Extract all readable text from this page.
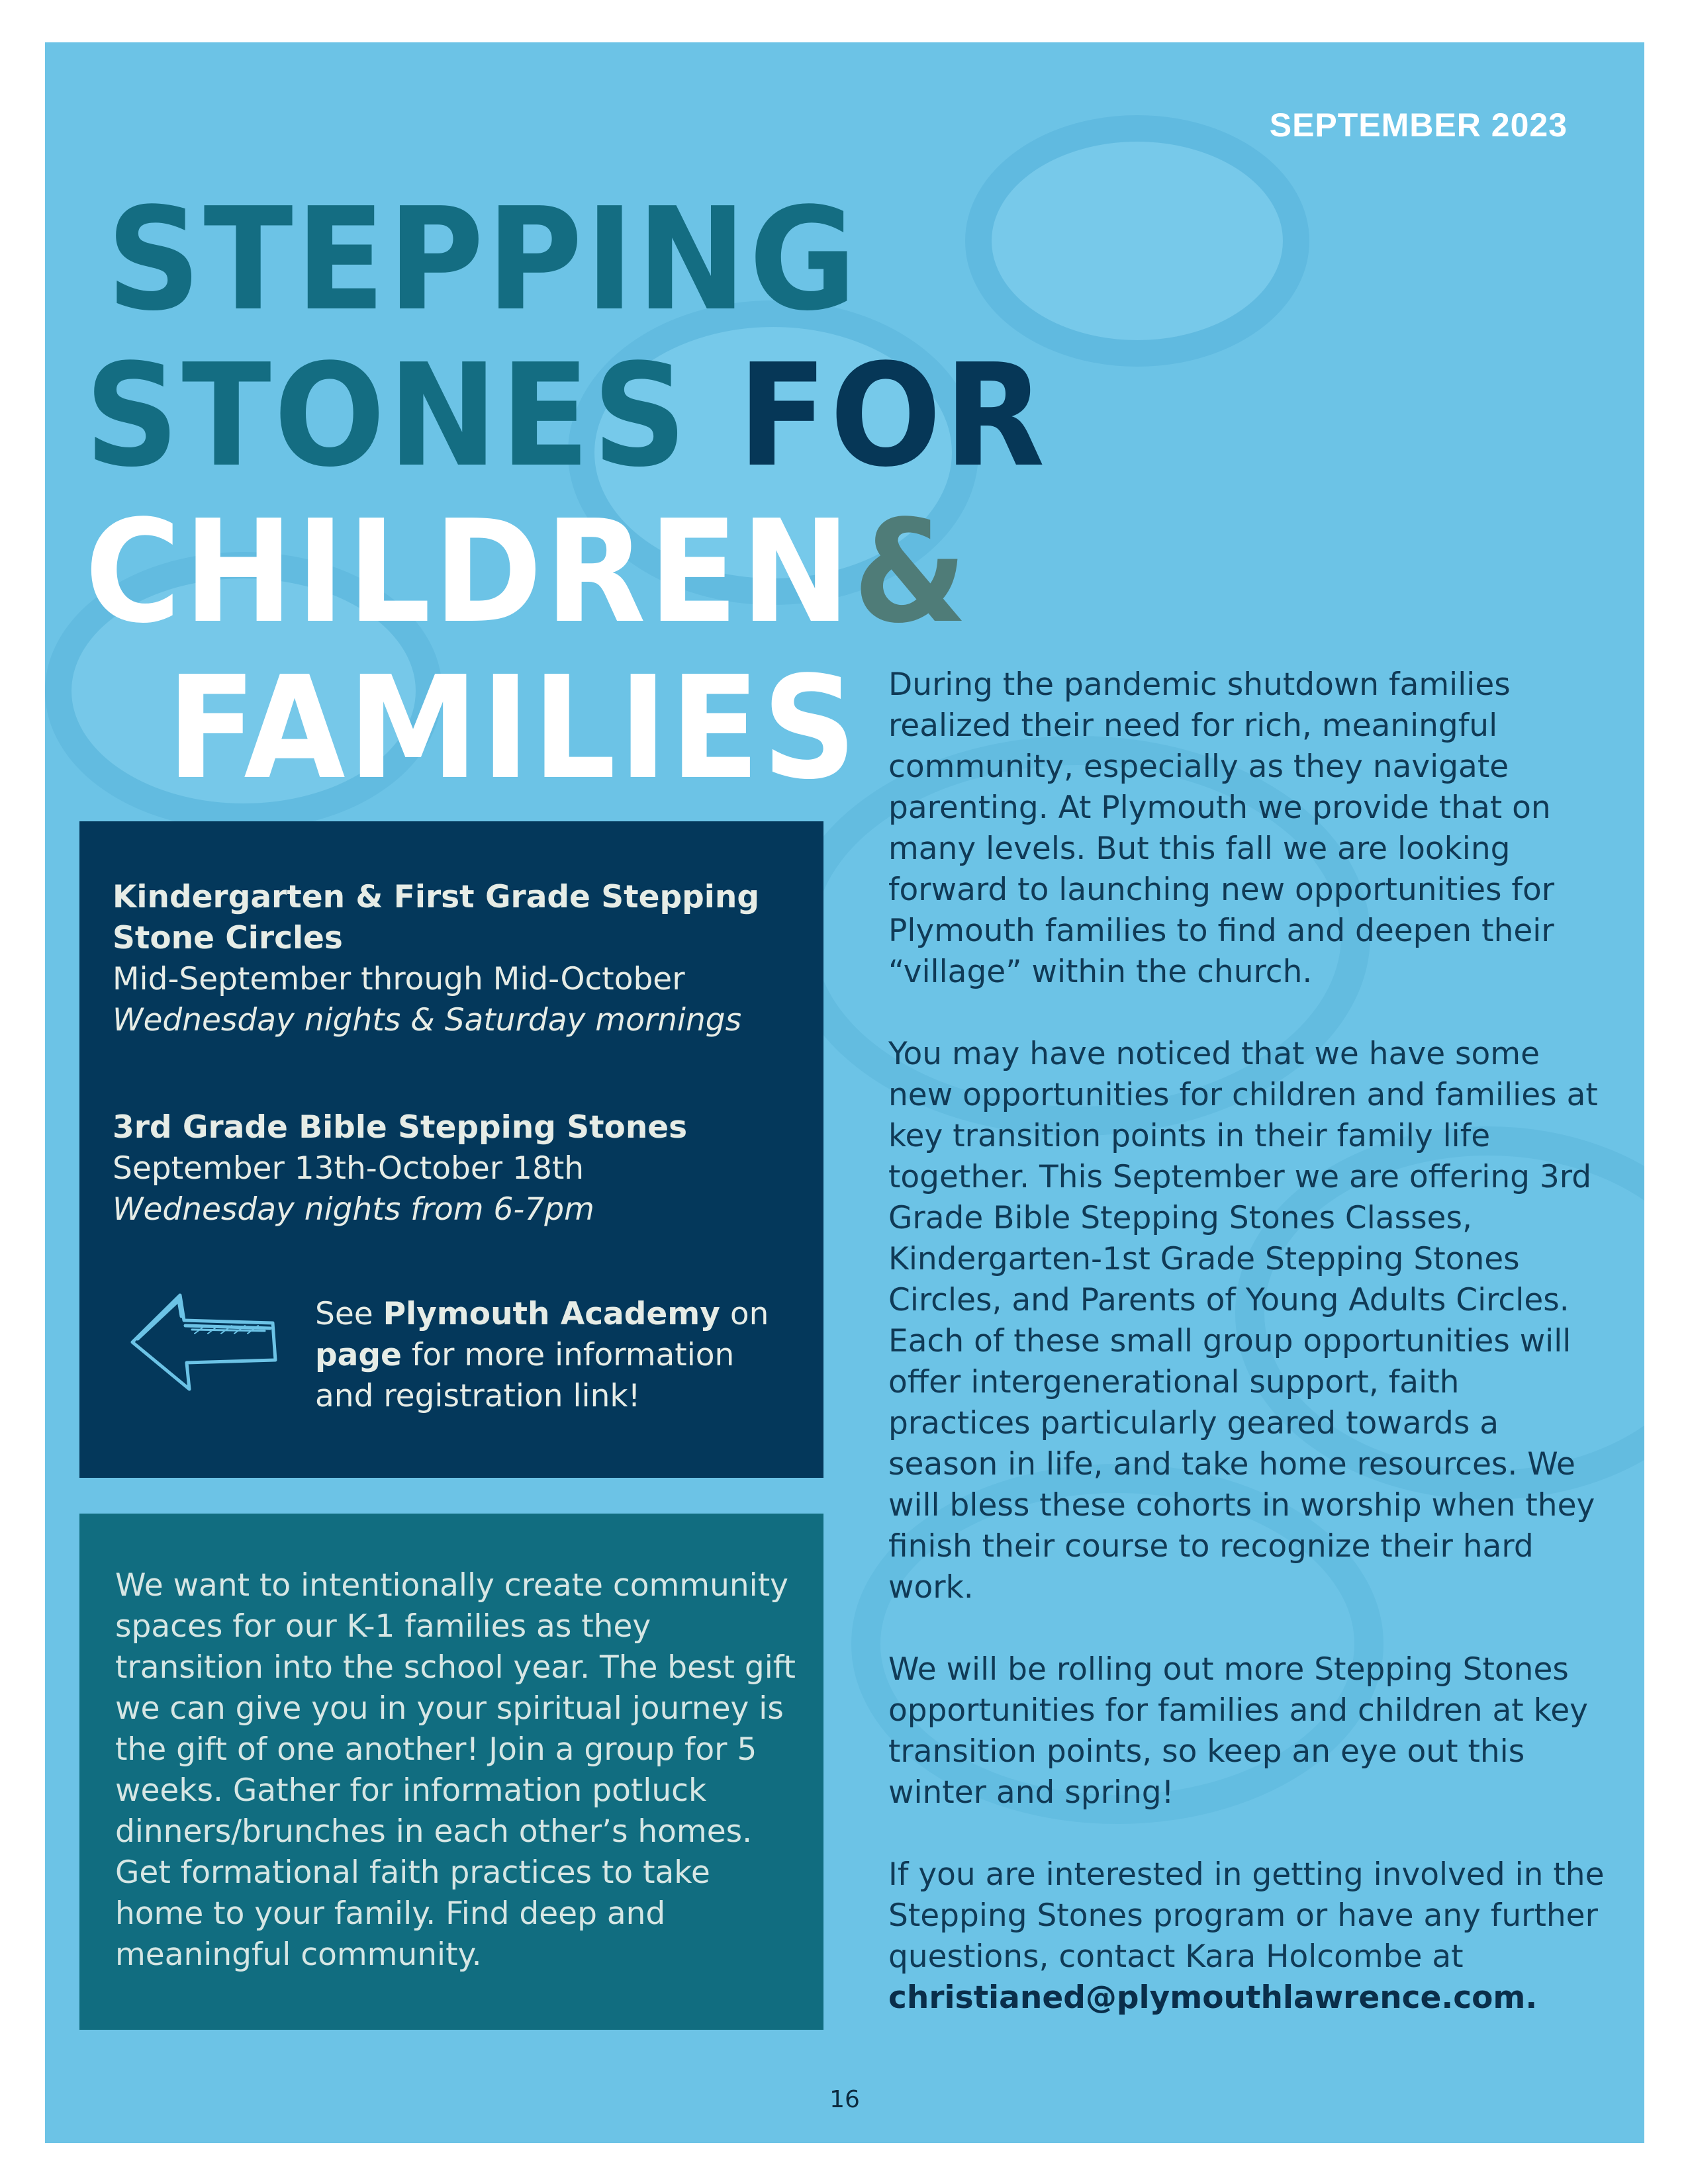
SEPTEMBER 2023
STEPPING
STONES FOR
CHILDREN&
FAMILIES
Kindergarten & First Grade Stepping Stone Circles
Mid-September through Mid-October
Wednesday nights & Saturday mornings
3rd Grade Bible Stepping Stones
September 13th-October 18th
Wednesday nights from 6-7pm
See Plymouth Academy on page for more information and registration link!
We want to intentionally create community spaces for our K-1 families as they transition into the school year. The best gift we can give you in your spiritual journey is the gift of one another! Join a group for 5 weeks. Gather for information potluck dinners/brunches in each other’s homes. Get formational faith practices to take home to your family. Find deep and meaningful community.

During the pandemic shutdown families realized their need for rich, meaningful community, especially as they navigate parenting. At Plymouth we provide that on many levels. But this fall we are looking forward to launching new opportunities for Plymouth families to find and deepen their “village” within the church.

You may have noticed that we have some new opportunities for children and families at key transition points in their family life together. This September we are offering 3rd Grade Bible Stepping Stones Classes, Kindergarten-1st Grade Stepping Stones Circles, and Parents of Young Adults Circles. Each of these small group opportunities will offer intergenerational support, faith practices particularly geared towards a season in life, and take home resources. We will bless these cohorts in worship when they finish their course to recognize their hard work.

We will be rolling out more Stepping Stones opportunities for families and children at key transition points, so keep an eye out this winter and spring!

If you are interested in getting involved in the Stepping Stones program or have any further questions, contact Kara Holcombe at christianed@plymouthlawrence.com.

16
